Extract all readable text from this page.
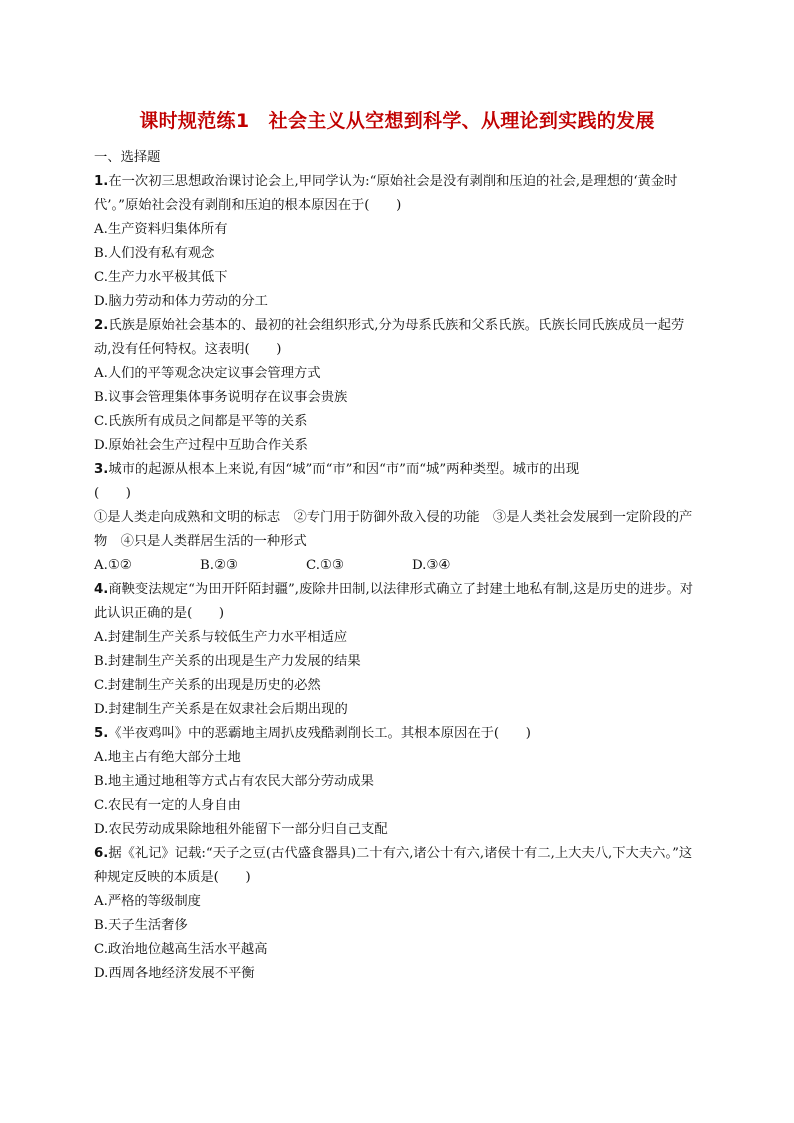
课时规范练1　社会主义从空想到科学、从理论到实践的发展

一、选择题

1.在一次初三思想政治课讨论会上,甲同学认为:“原始社会是没有剥削和压迫的社会,是理想的‘黄金时代’。”原始社会没有剥削和压迫的根本原因在于(　　)

A.生产资料归集体所有

B.人们没有私有观念

C.生产力水平极其低下

D.脑力劳动和体力劳动的分工

2.氏族是原始社会基本的、最初的社会组织形式,分为母系氏族和父系氏族。氏族长同氏族成员一起劳动,没有任何特权。这表明(　　)

A.人们的平等观念决定议事会管理方式

B.议事会管理集体事务说明存在议事会贵族

C.氏族所有成员之间都是平等的关系

D.原始社会生产过程中互助合作关系

3.城市的起源从根本上来说,有因“城”而“市”和因“市”而“城”两种类型。城市的出现

(　　)

①是人类走向成熟和文明的标志　②专门用于防御外敌入侵的功能　③是人类社会发展到一定阶段的产物　④只是人类群居生活的一种形式

A.①②	B.②③	C.①③	D.③④

4.商鞅变法规定“为田开阡陌封疆”,废除井田制,以法律形式确立了封建土地私有制,这是历史的进步。对此认识正确的是(　　)

A.封建制生产关系与较低生产力水平相适应

B.封建制生产关系的出现是生产力发展的结果

C.封建制生产关系的出现是历史的必然

D.封建制生产关系是在奴隶社会后期出现的

5.《半夜鸡叫》中的恶霸地主周扒皮残酷剥削长工。其根本原因在于(　　)

A.地主占有绝大部分土地

B.地主通过地租等方式占有农民大部分劳动成果

C.农民有一定的人身自由

D.农民劳动成果除地租外能留下一部分归自己支配

6.据《礼记》记载:“天子之豆(古代盛食器具)二十有六,诸公十有六,诸侯十有二,上大夫八,下大夫六。”这种规定反映的本质是(　　)

A.严格的等级制度

B.天子生活奢侈

C.政治地位越高生活水平越高

D.西周各地经济发展不平衡
